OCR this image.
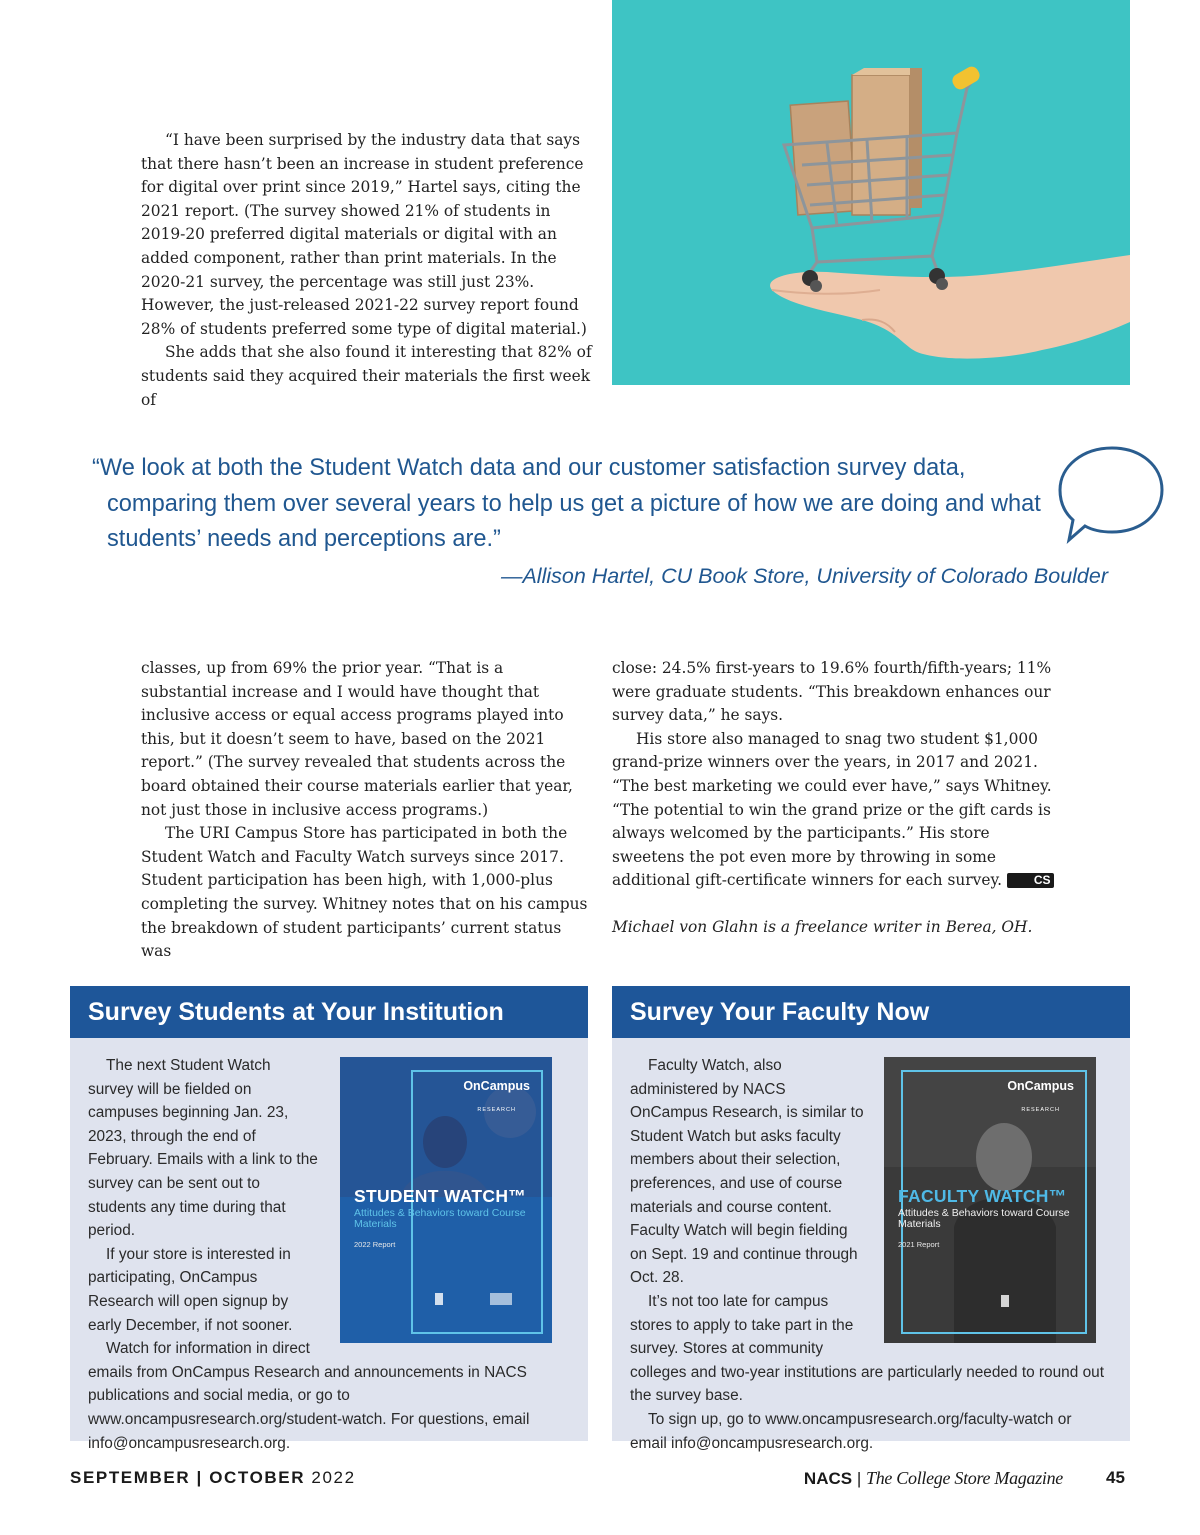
“I have been surprised by the industry data that says that there hasn’t been an increase in student preference for digital over print since 2019,” Hartel says, citing the 2021 report. (The survey showed 21% of students in 2019-20 preferred digital materials or digital with an added component, rather than print materials. In the 2020-21 survey, the percentage was still just 23%. However, the just-released 2021-22 survey report found 28% of students preferred some type of digital material.)

She adds that she also found it interesting that 82% of students said they acquired their materials the first week of

“We look at both the Student Watch data and our customer satisfaction survey data, comparing them over several years to help us get a picture of how we are doing and what students’ needs and perceptions are.”
—Allison Hartel, CU Book Store, University of Colorado Boulder

classes, up from 69% the prior year. “That is a substantial increase and I would have thought that inclusive access or equal access programs played into this, but it doesn’t seem to have, based on the 2021 report.” (The survey revealed that students across the board obtained their course materials earlier that year, not just those in inclusive access programs.)

The URI Campus Store has participated in both the Student Watch and Faculty Watch surveys since 2017. Student participation has been high, with 1,000-plus completing the survey. Whitney notes that on his campus the breakdown of student participants’ current status was

close: 24.5% first-years to 19.6% fourth/fifth-years; 11% were graduate students. “This breakdown enhances our survey data,” he says.

His store also managed to snag two student $1,000 grand-prize winners over the years, in 2017 and 2021. “The best marketing we could ever have,” says Whitney. “The potential to win the grand prize or the gift cards is always welcomed by the participants.” His store sweetens the pot even more by throwing in some additional gift-certificate winners for each survey.	CS

Michael von Glahn is a freelance writer in Berea, OH.

Survey Students at Your Institution
OnCampus
RESEARCH
STUDENT WATCH™
Attitudes & Behaviors toward Course Materials
2022 Report

The next Student Watch survey will be fielded on campuses beginning Jan. 23, 2023, through the end of February. Emails with a link to the survey can be sent out to students any time during that period.

If your store is interested in participating, OnCampus Research will open signup by early December, if not sooner.

Watch for information in direct emails from OnCampus Research and announcements in NACS publications and social media, or go to www.oncampusresearch.org/student-watch. For questions, email info@oncampusresearch.org.

Survey Your Faculty Now
OnCampus
RESEARCH
FACULTY WATCH™
Attitudes & Behaviors toward Course Materials
2021 Report

Faculty Watch, also administered by NACS OnCampus Research, is similar to Student Watch but asks faculty members about their selection, preferences, and use of course materials and course content. Faculty Watch will begin fielding on Sept. 19 and continue through Oct. 28.

It’s not too late for campus stores to apply to take part in the survey. Stores at community colleges and two-year institutions are particularly needed to round out the survey base.

To sign up, go to www.oncampusresearch.org/faculty-watch or email info@oncampusresearch.org.

SEPTEMBER | OCTOBER 2022	NACS | The College Store Magazine	45
